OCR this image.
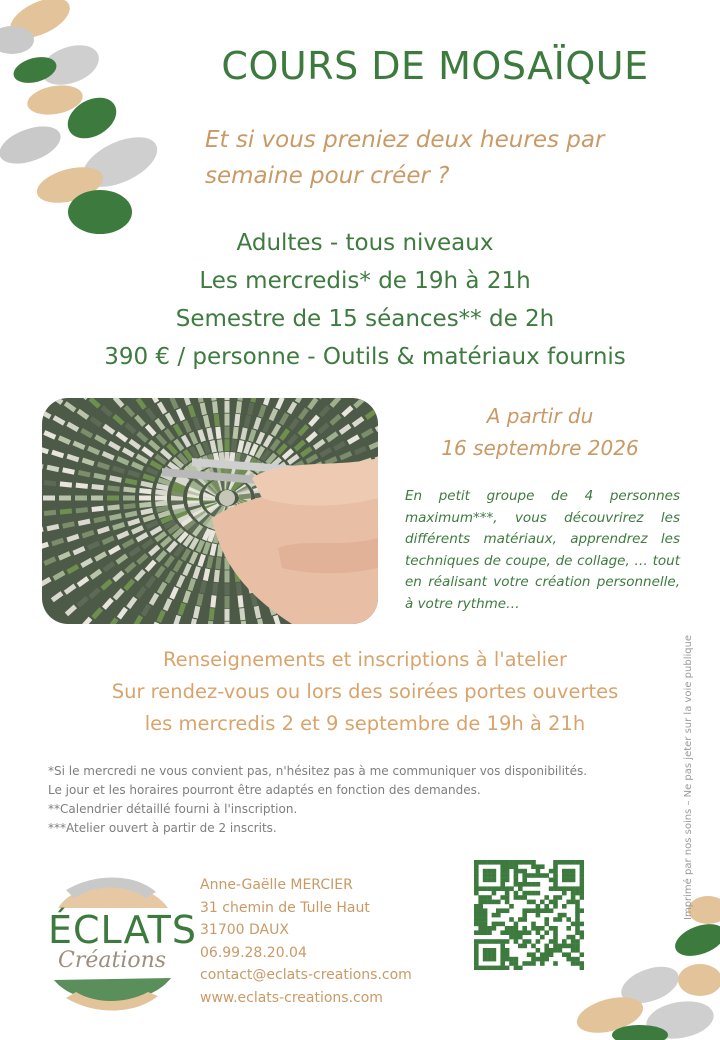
COURS DE MOSAÏQUE
Et si vous preniez deux heures par
semaine pour créer ?
Adultes - tous niveaux
Les mercredis* de 19h à 21h
Semestre de 15 séances** de 2h
390 € / personne - Outils & matériaux fournis
A partir du
16 septembre 2026
En petit groupe de 4 personnes maximum***, vous découvrirez les différents matériaux, apprendrez les techniques de coupe, de collage, … tout en réalisant votre création personnelle, à votre rythme…
Renseignements et inscriptions à l'atelier
Sur rendez-vous ou lors des soirées portes ouvertes
les mercredis 2 et 9 septembre de 19h à 21h
*Si le mercredi ne vous convient pas, n'hésitez pas à me communiquer vos disponibilités.
Le jour et les horaires pourront être adaptés en fonction des demandes.
**Calendrier détaillé fourni à l'inscription.
***Atelier ouvert à partir de 2 inscrits.	Imprimé par nos soins – Ne pas jeter sur la voie publique
ÉCLATS
Créations
Anne-Gaëlle MERCIER
31 chemin de Tulle Haut
31700 DAUX
06.99.28.20.04
contact@eclats-creations.com
www.eclats-creations.com
